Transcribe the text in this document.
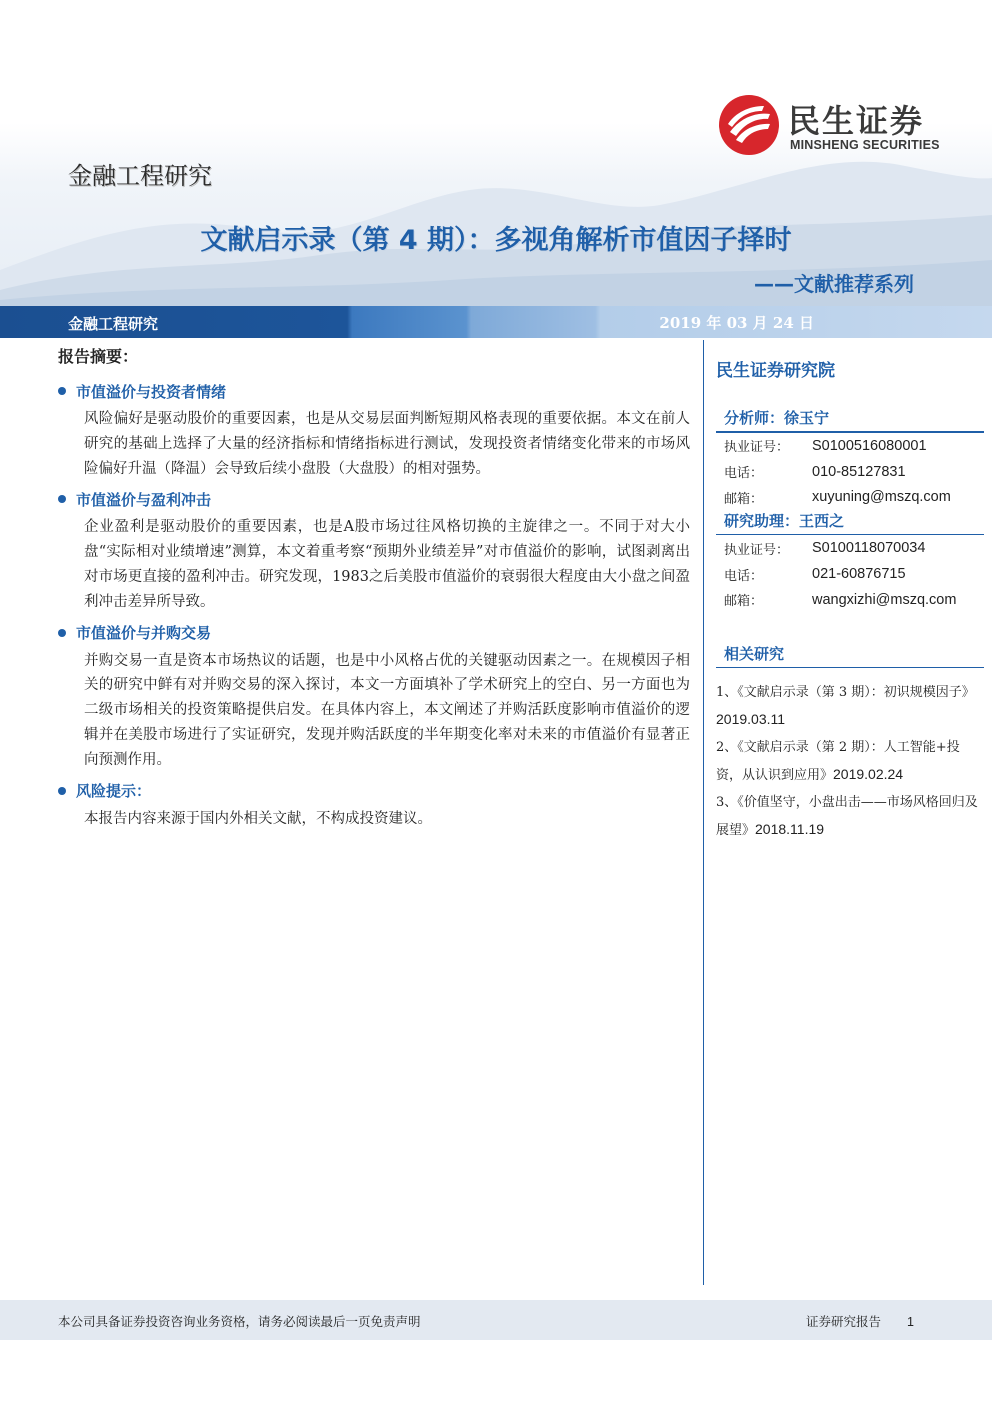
民生证券
MINSHENG SECURITIES
金融工程研究
文献启示录（第 4 期）：多视角解析市值因子择时
——文献推荐系列
金融工程研究	2019 年 03 月 24 日
报告摘要：
市值溢价与投资者情绪
风险偏好是驱动股价的重要因素，也是从交易层面判断短期风格表现的重要依据。本文在前人研究的基础上选择了大量的经济指标和情绪指标进行测试，发现投资者情绪变化带来的市场风险偏好升温（降温）会导致后续小盘股（大盘股）的相对强势。
市值溢价与盈利冲击
企业盈利是驱动股价的重要因素，也是A股市场过往风格切换的主旋律之一。不同于对大小盘“实际相对业绩增速”测算，本文着重考察“预期外业绩差异”对市值溢价的影响，试图剥离出对市场更直接的盈利冲击。研究发现，1983之后美股市值溢价的衰弱很大程度由大小盘之间盈利冲击差异所导致。
市值溢价与并购交易
并购交易一直是资本市场热议的话题，也是中小风格占优的关键驱动因素之一。在规模因子相关的研究中鲜有对并购交易的深入探讨，本文一方面填补了学术研究上的空白、另一方面也为二级市场相关的投资策略提供启发。在具体内容上，本文阐述了并购活跃度影响市值溢价的逻辑并在美股市场进行了实证研究，发现并购活跃度的半年期变化率对未来的市值溢价有显著正向预测作用。
风险提示：
本报告内容来源于国内外相关文献，不构成投资建议。
民生证券研究院
分析师：徐玉宁
执业证号：	S0100516080001
电话：	010-85127831
邮箱：	xuyuning@mszq.com
研究助理：王西之
执业证号：	S0100118070034
电话：	021-60876715
邮箱：	wangxizhi@mszq.com
相关研究
1、《文献启示录（第 3 期）：初识规模因子》2019.03.11
2、《文献启示录（第 2 期）：人工智能+投资，从认识到应用》2019.02.24
3、《价值坚守，小盘出击——市场风格回归及展望》2018.11.19
本公司具备证券投资咨询业务资格，请务必阅读最后一页免责声明	证券研究报告 1
